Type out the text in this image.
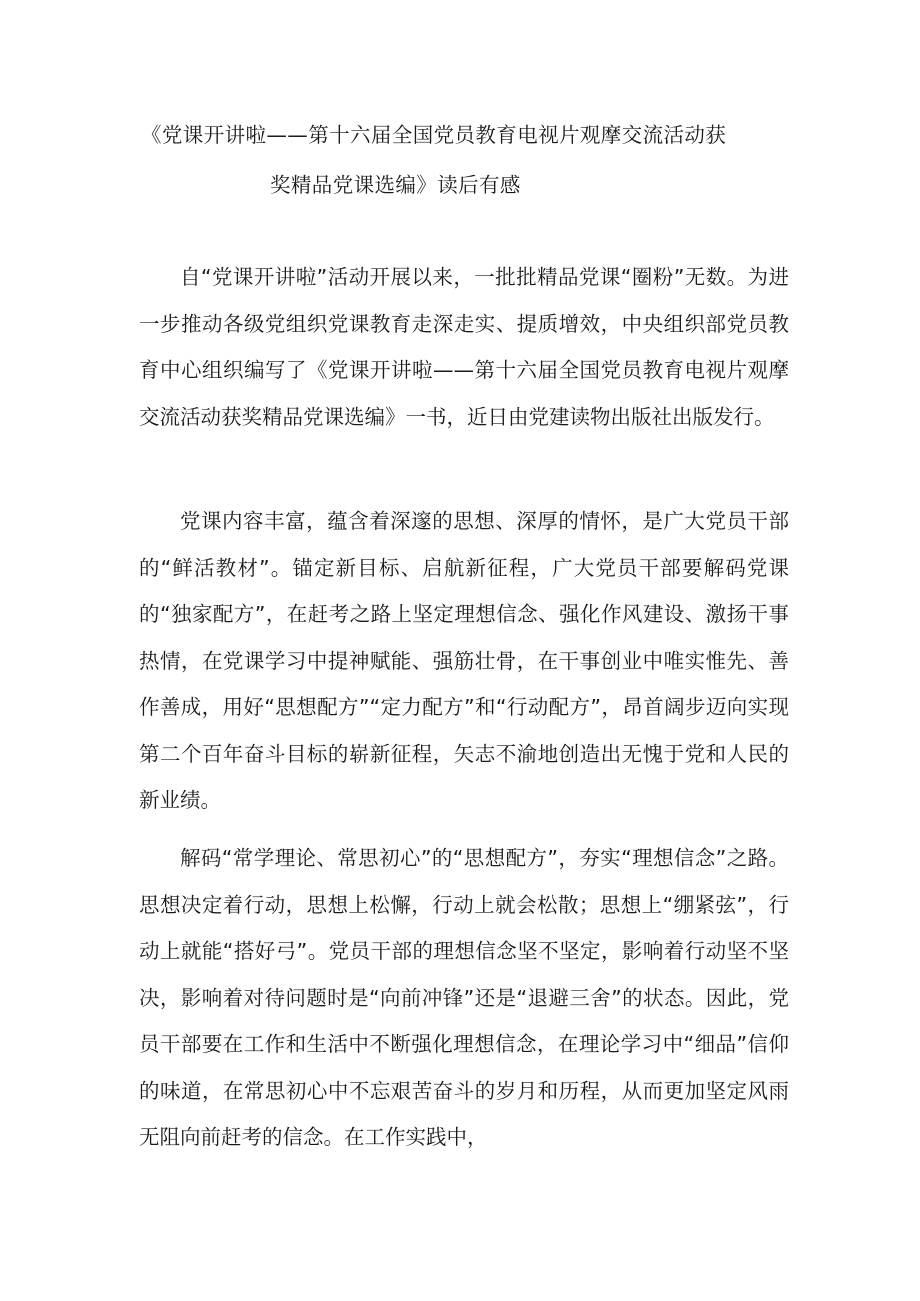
《党课开讲啦——第十六届全国党员教育电视片观摩交流活动获
奖精品党课选编》读后有感

自“党课开讲啦”活动开展以来，一批批精品党课“圈粉”无数。为进一步推动各级党组织党课教育走深走实、提质增效，中央组织部党员教育中心组织编写了《党课开讲啦——第十六届全国党员教育电视片观摩交流活动获奖精品党课选编》一书，近日由党建读物出版社出版发行。

党课内容丰富，蕴含着深邃的思想、深厚的情怀，是广大党员干部的“鲜活教材”。锚定新目标、启航新征程，广大党员干部要解码党课的“独家配方”，在赶考之路上坚定理想信念、强化作风建设、激扬干事热情，在党课学习中提神赋能、强筋壮骨，在干事创业中唯实惟先、善作善成，用好“思想配方”“定力配方”和“行动配方”，昂首阔步迈向实现第二个百年奋斗目标的崭新征程，矢志不渝地创造出无愧于党和人民的新业绩。

解码“常学理论、常思初心”的“思想配方”，夯实“理想信念”之路。思想决定着行动，思想上松懈，行动上就会松散；思想上“绷紧弦”，行动上就能“搭好弓”。党员干部的理想信念坚不坚定，影响着行动坚不坚决，影响着对待问题时是“向前冲锋”还是“退避三舍”的状态。因此，党员干部要在工作和生活中不断强化理想信念，在理论学习中“细品”信仰的味道，在常思初心中不忘艰苦奋斗的岁月和历程，从而更加坚定风雨无阻向前赶考的信念。在工作实践中，
